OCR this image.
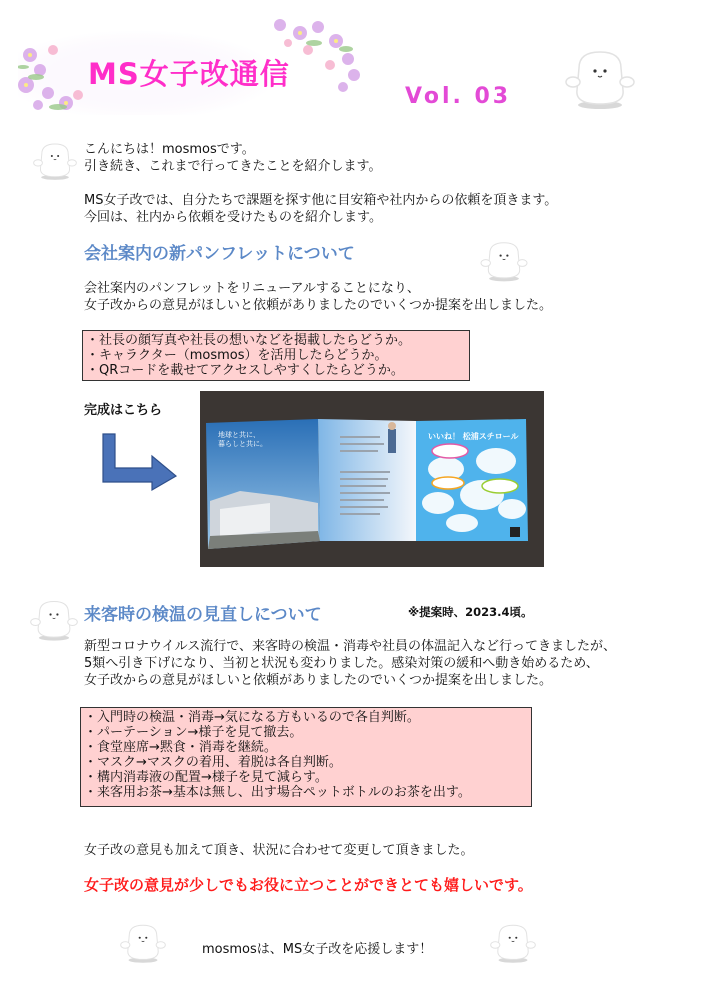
MS女子改通信
Vol. 03
こんにちは！mosmosです。
引き続き、これまで行ってきたことを紹介します。
MS女子改では、自分たちで課題を探す他に目安箱や社内からの依頼を頂きます。
今回は、社内から依頼を受けたものを紹介します。
会社案内の新パンフレットについて
会社案内のパンフレットをリニューアルすることになり、
女子改からの意見がほしいと依頼がありましたのでいくつか提案を出しました。
・社長の顔写真や社長の想いなどを掲載したらどうか。
・キャラクター（mosmos）を活用したらどうか。
・QRコードを載せてアクセスしやすくしたらどうか。
完成はこちら
地球と共に、
暮らしと共に。
いいね！ 松浦スチロール
来客時の検温の見直しについて	※提案時、2023.4頃。
新型コロナウイルス流行で、来客時の検温・消毒や社員の体温記入など行ってきましたが、
5類へ引き下げになり、当初と状況も変わりました。感染対策の緩和へ動き始めるため、
女子改からの意見がほしいと依頼がありましたのでいくつか提案を出しました。
・入門時の検温・消毒→気になる方もいるので各自判断。
・パーテーション→様子を見て撤去。
・食堂座席→黙食・消毒を継続。
・マスク→マスクの着用、着脱は各自判断。
・構内消毒液の配置→様子を見て減らす。
・来客用お茶→基本は無し、出す場合ペットボトルのお茶を出す。
女子改の意見も加えて頂き、状況に合わせて変更して頂きました。
女子改の意見が少しでもお役に立つことができとても嬉しいです。
mosmosは、MS女子改を応援します！
